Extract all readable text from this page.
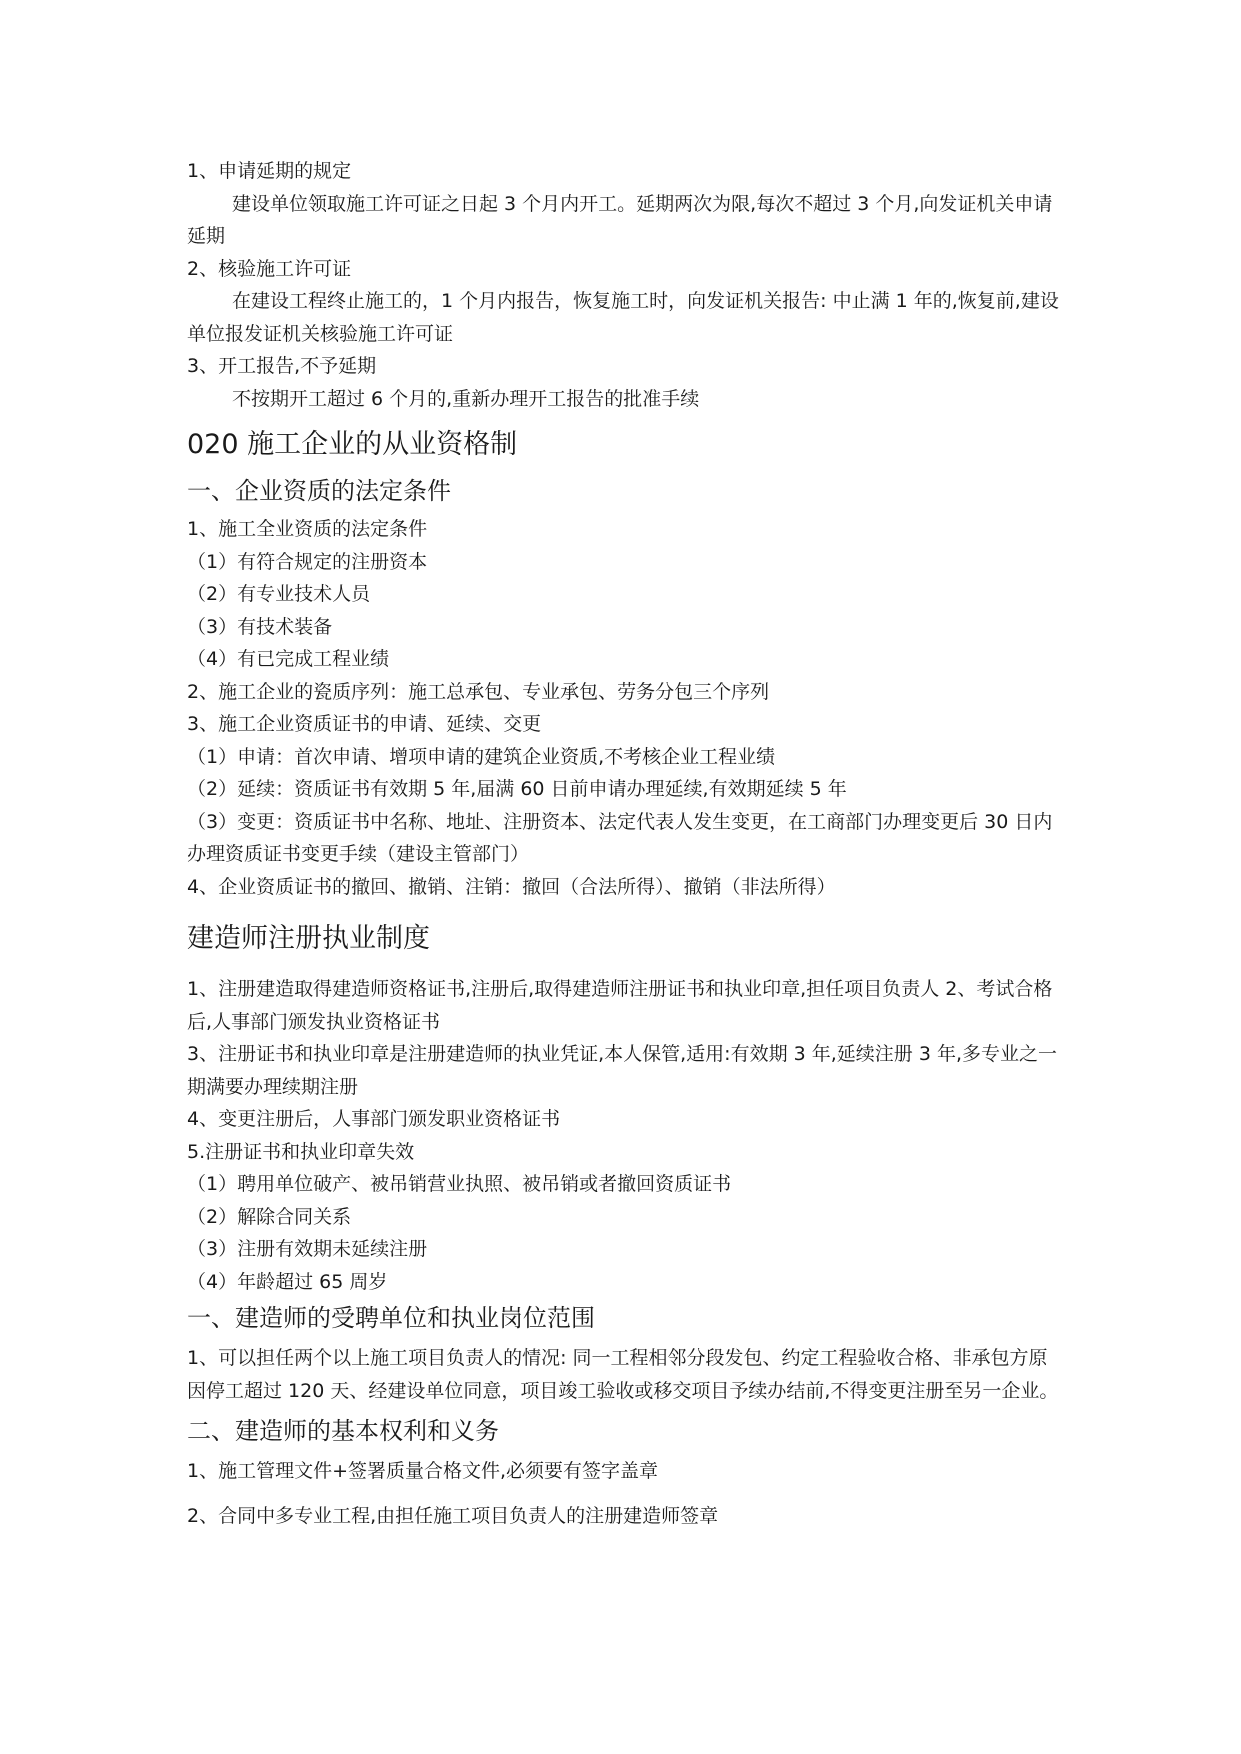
1、申请延期的规定

建设单位领取施工许可证之日起 3 个月内开工。延期两次为限,每次不超过 3 个月,向发证机关申请延期

2、核验施工许可证

在建设工程终止施工的，1 个月内报告，恢复施工时，向发证机关报告: 中止满 1 年的,恢复前,建设单位报发证机关核验施工许可证

3、开工报告,不予延期

不按期开工超过 6 个月的,重新办理开工报告的批准手续

020 施工企业的从业资格制
一、企业资质的法定条件

1、施工全业资质的法定条件

（1）有符合规定的注册资本

（2）有专业技术人员

（3）有技术装备

（4）有已完成工程业绩

2、施工企业的瓷质序列：施工总承包、专业承包、劳务分包三个序列

3、施工企业资质证书的申请、延续、交更

（1）申请：首次申请、增项申请的建筑企业资质,不考核企业工程业绩

（2）延续：资质证书有效期 5 年,届满 60 日前申请办理延续,有效期延续 5 年

（3）变更：资质证书中名称、地址、注册资本、法定代表人发生变更，在工商部门办理变更后 30 日内办理资质证书变更手续（建设主管部门）

4、企业资质证书的撤回、撤销、注销：撤回（合法所得）、撤销（非法所得）

建造师注册执业制度

1、注册建造取得建造师资格证书,注册后,取得建造师注册证书和执业印章,担任项目负责人 2、考试合格后,人事部门颁发执业资格证书

3、注册证书和执业印章是注册建造师的执业凭证,本人保管,适用:有效期 3 年,延续注册 3 年,多专业之一期满要办理续期注册

4、变更注册后，人事部门颁发职业资格证书

5.注册证书和执业印章失效

（1）聘用单位破产、被吊销营业执照、被吊销或者撤回资质证书

（2）解除合同关系

（3）注册有效期未延续注册

（4）年龄超过 65 周岁

一、建造师的受聘单位和执业岗位范围

1、可以担任两个以上施工项目负责人的情况: 同一工程相邻分段发包、约定工程验收合格、非承包方原因停工超过 120 天、经建设单位同意，项目竣工验收或移交项目予续办结前,不得变更注册至另一企业。

二、建造师的基本权利和义务

1、施工管理文件+签署质量合格文件,必须要有签字盖章

2、合同中多专业工程,由担任施工项目负责人的注册建造师签章
